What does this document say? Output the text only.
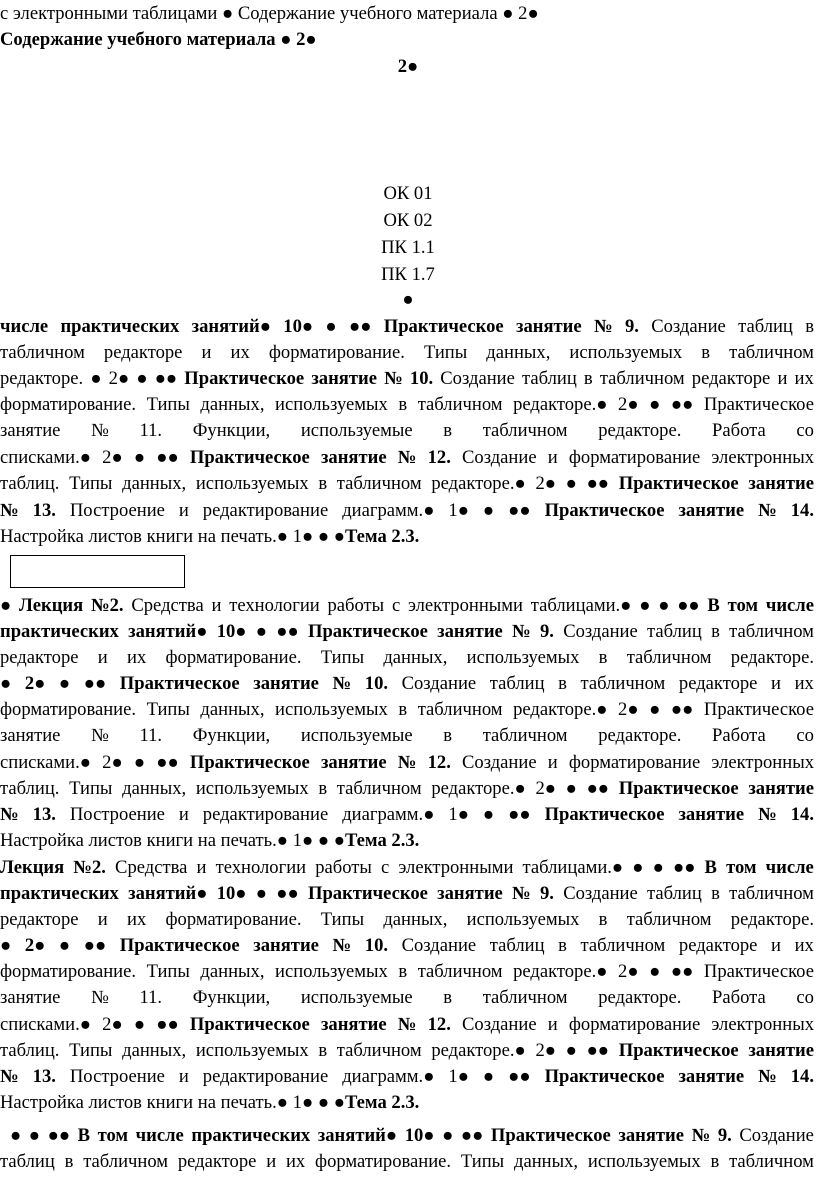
с электронными таблицами ● Содержание учебного материала ● 2●
Содержание учебного материала ● 2●
2●
ОК 01
ОК 02
ПК 1.1
ПК 1.7
●
числе практических занятий● 10● ● ●● Практическое занятие № 9. Создание таблиц в
табличном редакторе и их форматирование. Типы данных, используемых в табличном
редакторе. ● 2● ● ●● Практическое занятие № 10. Создание таблиц в табличном редакторе и их
форматирование. Типы данных, используемых в табличном редакторе.● 2● ● ●● Практическое
занятие № 11. Функции, используемые в табличном редакторе. Работа со
списками.● 2● ● ●● Практическое занятие № 12. Создание и форматирование электронных
таблиц. Типы данных, используемых в табличном редакторе.● 2● ● ●● Практическое занятие
№ 13. Построение и редактирование диаграмм.● 1● ● ●● Практическое занятие № 14.
Настройка листов книги на печать.● 1● ● ●Тема 2.3.
● Лекция №2. Средства и технологии работы с электронными таблицами.● ● ● ●● В том числе
практических занятий● 10● ● ●● Практическое занятие № 9. Создание таблиц в табличном
редакторе и их форматирование. Типы данных, используемых в табличном редакторе.
● 2● ● ●● Практическое занятие № 10. Создание таблиц в табличном редакторе и их
форматирование. Типы данных, используемых в табличном редакторе.● 2● ● ●● Практическое
занятие № 11. Функции, используемые в табличном редакторе. Работа со
списками.● 2● ● ●● Практическое занятие № 12. Создание и форматирование электронных
таблиц. Типы данных, используемых в табличном редакторе.● 2● ● ●● Практическое занятие
№ 13. Построение и редактирование диаграмм.● 1● ● ●● Практическое занятие № 14.
Настройка листов книги на печать.● 1● ● ●Тема 2.3.
Лекция №2. Средства и технологии работы с электронными таблицами.● ● ● ●● В том числе
практических занятий● 10● ● ●● Практическое занятие № 9. Создание таблиц в табличном
редакторе и их форматирование. Типы данных, используемых в табличном редакторе.
● 2● ● ●● Практическое занятие № 10. Создание таблиц в табличном редакторе и их
форматирование. Типы данных, используемых в табличном редакторе.● 2● ● ●● Практическое
занятие № 11. Функции, используемые в табличном редакторе. Работа со
списками.● 2● ● ●● Практическое занятие № 12. Создание и форматирование электронных
таблиц. Типы данных, используемых в табличном редакторе.● 2● ● ●● Практическое занятие
№ 13. Построение и редактирование диаграмм.● 1● ● ●● Практическое занятие № 14.
Настройка листов книги на печать.● 1● ● ●Тема 2.3.
● ● ●● В том числе практических занятий● 10● ● ●● Практическое занятие № 9. Создание
таблиц в табличном редакторе и их форматирование. Типы данных, используемых в табличном
